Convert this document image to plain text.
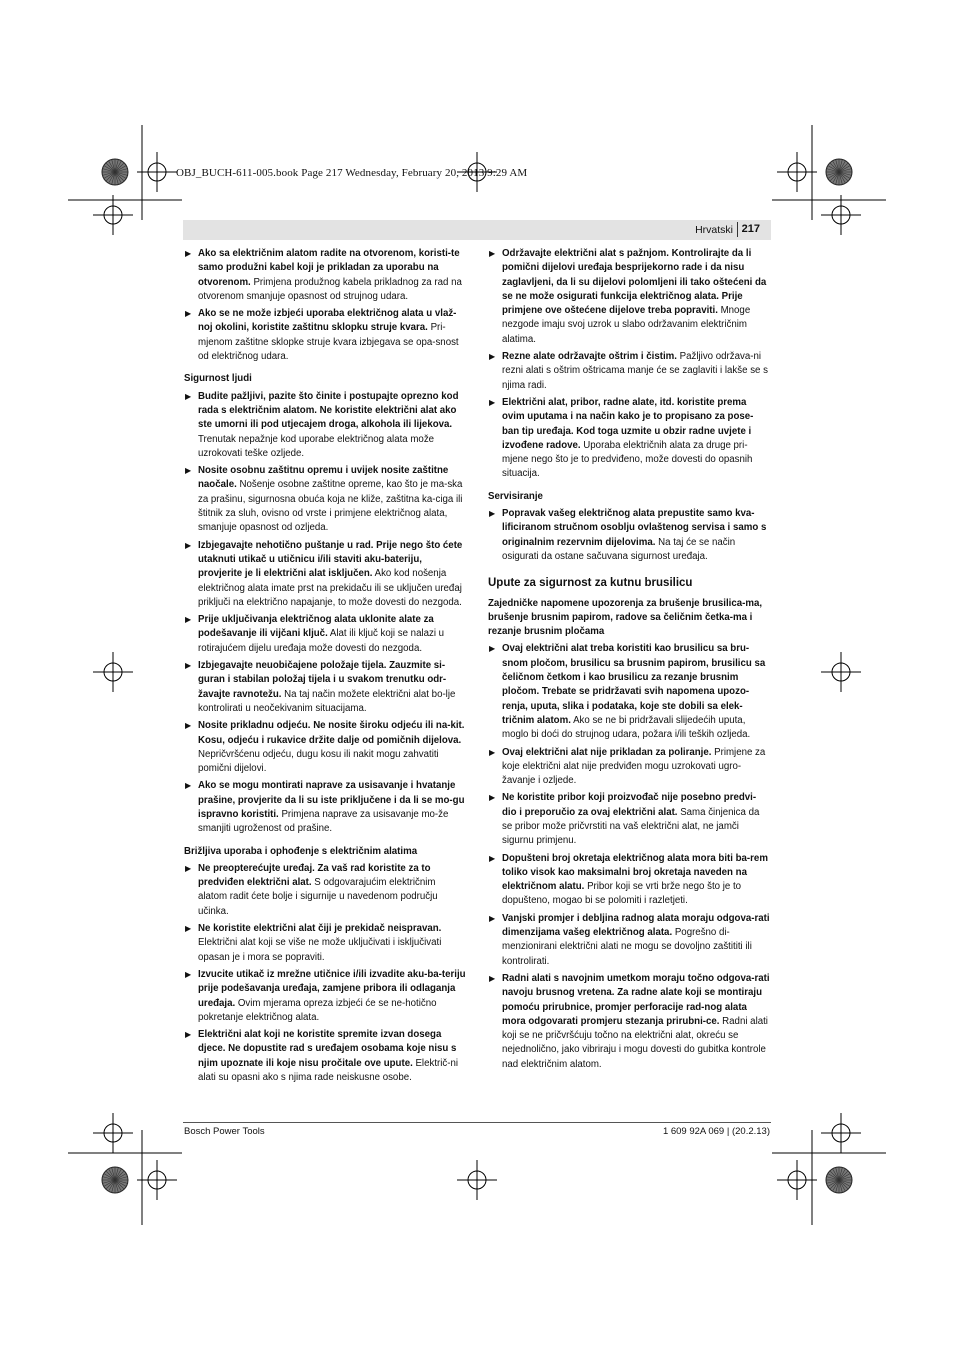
OBJ_BUCH-611-005.book Page 217 Wednesday, February 20, 2013 9:29 AM
Hrvatski 217
▶ Ako sa električnim alatom radite na otvorenom, koristi-te samo produžni kabel koji je prikladan za uporabu na otvorenom. Primjena produžnog kabela prikladnog za rad na otvorenom smanjuje opasnost od strujnog udara.
▶ Ako se ne može izbjeći uporaba električnog alata u vlaž-noj okolini, koristite zaštitnu sklopku struje kvara. Pri-mjenom zaštitne sklopke struje kvara izbjegava se opa-snost od električnog udara.
Sigurnost ljudi
▶ Budite pažljivi, pazite što činite i postupajte oprezno kod rada s električnim alatom. Ne koristite električni alat ako ste umorni ili pod utjecajem droga, alkohola ili lijekova. Trenutak nepažnje kod uporabe električnog alata može uzrokovati teške ozljede.
▶ Nosite osobnu zaštitnu opremu i uvijek nosite zaštitne naočale. Nošenje osobne zaštitne opreme, kao što je ma-ska za prašinu, sigurnosna obuća koja ne kliže, zaštitna ka-ciga ili štitnik za sluh, ovisno od vrste i primjene električnog alata, smanjuje opasnost od ozljeda.
▶ Izbjegavajte nehotično puštanje u rad. Prije nego što ćete utaknuti utikač u utičnicu i/ili staviti aku-bateriju, provjerite je li električni alat isključen. Ako kod nošenja električnog alata imate prst na prekidaču ili se uključen uređaj priključi na električno napajanje, to može dovesti do nezgoda.
▶ Prije uključivanja električnog alata uklonite alate za podešavanje ili vijčani ključ. Alat ili ključ koji se nalazi u rotirajućem dijelu uređaja može dovesti do nezgoda.
▶ Izbjegavajte neuobičajene položaje tijela. Zauzmite si-guran i stabilan položaj tijela i u svakom trenutku odr-žavajte ravnotežu. Na taj način možete električni alat bo-lje kontrolirati u neočekivanim situacijama.
▶ Nosite prikladnu odjeću. Ne nosite široku odjeću ili na-kit. Kosu, odjeću i rukavice držite dalje od pomičnih dijelova. Nepričvršćenu odjeću, dugu kosu ili nakit mogu zahvatiti pomični dijelovi.
▶ Ako se mogu montirati naprave za usisavanje i hvatanje prašine, provjerite da li su iste priključene i da li se mo-gu ispravno koristiti. Primjena naprave za usisavanje mo-že smanjiti ugroženost od prašine.
Brižljiva uporaba i ophođenje s električnim alatima
▶ Ne preopterećujte uređaj. Za vaš rad koristite za to predviđen električni alat. S odgovarajućim električnim alatom radit ćete bolje i sigurnije u navedenom području učinka.
▶ Ne koristite električni alat čiji je prekidač neispravan. Električni alat koji se više ne može uključivati i isključivati opasan je i mora se popraviti.
▶ Izvucite utikač iz mrežne utičnice i/ili izvadite aku-ba-teriju prije podešavanja uređaja, zamjene pribora ili odlaganja uređaja. Ovim mjerama opreza izbjeći će se ne-hotično pokretanje električnog alata.
▶ Električni alat koji ne koristite spremite izvan dosega djece. Ne dopustite rad s uređajem osobama koje nisu s njim upoznate ili koje nisu pročitale ove upute. Električ-ni alati su opasni ako s njima rade neiskusne osobe.
▶ Održavajte električni alat s pažnjom. Kontrolirajte da li pomični dijelovi uređaja besprijekorno rade i da nisu zaglavljeni, da li su dijelovi polomljeni ili tako oštećeni da se ne može osigurati funkcija električnog alata. Prije primjene ove oštećene dijelove treba popraviti. Mnoge nezgode imaju svoj uzrok u slabo održavanim električnim alatima.
▶ Rezne alate održavajte oštrim i čistim. Pažljivo održava-ni rezni alati s oštrim oštricama manje će se zaglaviti i lakše se s njima radi.
▶ Električni alat, pribor, radne alate, itd. koristite prema ovim uputama i na način kako je to propisano za pose-ban tip uređaja. Kod toga uzmite u obzir radne uvjete i izvođene radove. Uporaba električnih alata za druge pri-mjene nego što je to predviđeno, može dovesti do opasnih situacija.
Servisiranje
▶ Popravak vašeg električnog alata prepustite samo kva-lificiranom stručnom osoblju ovlaštenog servisa i samo s originalnim rezervnim dijelovima. Na taj će se način osigurati da ostane sačuvana sigurnost uređaja.
Upute za sigurnost za kutnu brusilicu
Zajedničke napomene upozorenja za brušenje brusilica-ma, brušenje brusnim papirom, radove sa čeličnim četka-ma i rezanje brusnim pločama
▶ Ovaj električni alat treba koristiti kao brusilicu sa bru-snom pločom, brusilicu sa brusnim papirom, brusilicu sa čeličnom četkom i kao brusilicu za rezanje brusnim pločom. Trebate se pridržavati svih napomena upozo-renja, uputa, slika i podataka, koje ste dobili sa elek-tričnim alatom. Ako se ne bi pridržavali slijedećih uputa, moglo bi doći do strujnog udara, požara i/ili teških ozljeda.
▶ Ovaj električni alat nije prikladan za poliranje. Primjene za koje električni alat nije predviđen mogu uzrokovati ugro-žavanje i ozljede.
▶ Ne koristite pribor koji proizvođač nije posebno predvi-dio i preporučio za ovaj električni alat. Sama činjenica da se pribor može pričvrstiti na vaš električni alat, ne jamči sigurnu primjenu.
▶ Dopušteni broj okretaja električnog alata mora biti ba-rem toliko visok kao maksimalni broj okretaja naveden na električnom alatu. Pribor koji se vrti brže nego što je to dopušteno, mogao bi se polomiti i razletjeti.
▶ Vanjski promjer i debljina radnog alata moraju odgova-rati dimenzijama vašeg električnog alata. Pogrešno di-menzionirani električni alati ne mogu se dovoljno zaštititi ili kontrolirati.
▶ Radni alati s navojnim umetkom moraju točno odgova-rati navoju brusnog vretena. Za radne alate koji se montiraju pomoću prirubnice, promjer perforacije rad-nog alata mora odgovarati promjeru stezanja prirubni-ce. Radni alati koji se ne pričvršćuju točno na električni alat, okreću se nejednolično, jako vibriraju i mogu dovesti do gubitka kontrole nad električnim alatom.
Bosch Power Tools	1 609 92A 069 | (20.2.13)
